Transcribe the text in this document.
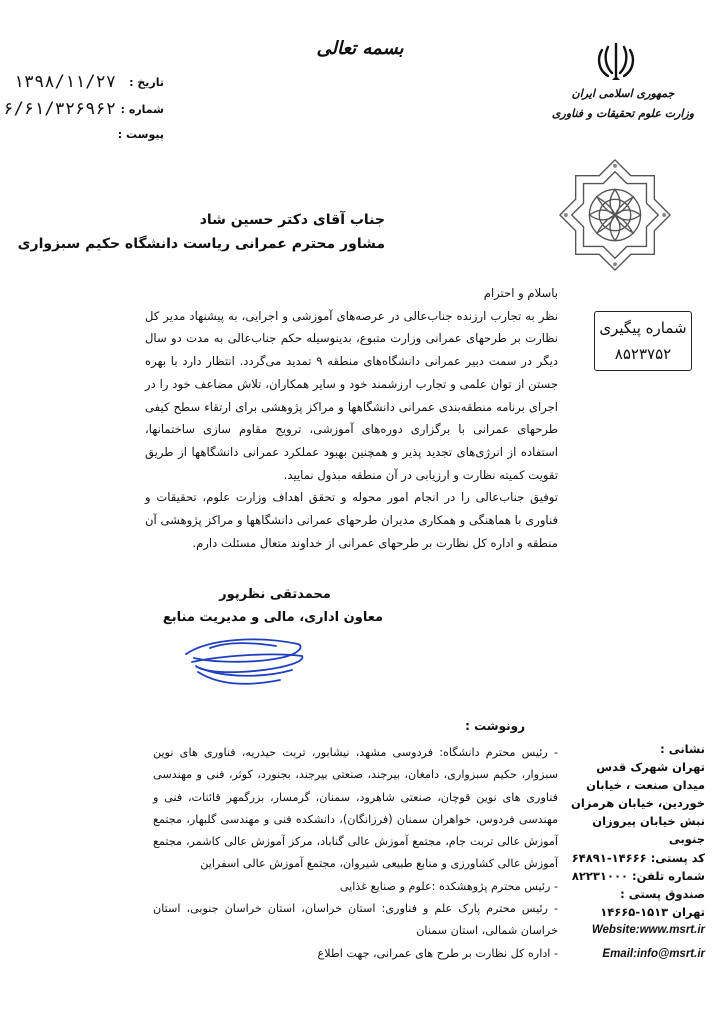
بسمه تعالی
تاریخ :
۱۳۹۸/۱۱/۲۷
شماره :
۶/۶۱/۳۲۶۹۶۲
پیوست :
جمهوری اسلامی ایران
وزارت علوم تحقیقات و فناوری
شماره پیگیری
۸۵۲۳۷۵۲
جناب آقای دکتر حسین شاد
مشاور محترم عمرانی ریاست دانشگاه حکیم سبزواری

باسلام و احترام

نظر به تجارب ارزنده جناب‌عالی در عرصه‌های آموزشی و اجرایی، به پیشنهاد مدیر کل نظارت بر طرحهای عمرانی وزارت متبوع، بدینوسیله حکم جناب‌عالی به مدت دو سال دیگر در سمت دبیر عمرانی دانشگاه‌های منطقه ۹ تمدید می‌گردد. انتظار دارد با بهره جستن از توان علمی و تجارب ارزشمند خود و سایر همکاران، تلاش مضاعف خود را در اجرای برنامه منطقه‌بندی عمرانی دانشگاهها و مراکز پژوهشی برای ارتقاء سطح کیفی طرحهای عمرانی با برگزاری دوره‌های آموزشی، ترویج مقاوم سازی ساختمانها، استفاده از انرژی‌های تجدید پذیر و همچنین بهبود عملکرد عمرانی دانشگاهها از طریق تقویت کمیته نظارت و ارزیابی در آن منطقه مبذول نمایید.

توفیق جناب‌عالی را در انجام امور محوله و تحقق اهداف وزارت علوم، تحقیقات و فناوری با هماهنگی و همکاری مدیران طرحهای عمرانی دانشگاهها و مراکز پژوهشی آن منطقه و اداره کل نظارت بر طرحهای عمرانی از خداوند متعال مسئلت دارم.

محمدتقی نظرپور
معاون اداری، مالی و مدیریت منابع
رونوشت :
- رئیس محترم دانشگاه: فردوسی مشهد، نیشابور، تربت حیدریه، فناوری های نوین سبزوار، حکیم سبزواری، دامغان، بیرجند، صنعتی بیرجند، بجنورد، کوثر، فنی و مهندسی فناوری های نوین قوچان، صنعتی شاهرود، سمنان، گرمسار، بزرگمهر قائنات، فنی و مهندسی فردوس، خواهران سمنان (فرزانگان)، دانشکده فنی و مهندسی گلبهار، مجتمع آموزش عالی تربت جام، مجتمع آموزش عالی گناباد، مرکز آموزش عالی کاشمر، مجتمع آموزش عالی کشاورزی و منابع طبیعی شیروان، مجتمع آموزش عالی اسفراین
- رئیس محترم پژوهشکده :علوم و صنایع غذایی
- رئیس محترم پارک علم و فناوری: استان خراسان، استان خراسان جنوبی، استان خراسان شمالی، استان سمنان
- اداره کل نظارت بر طرح های عمرانی، جهت اطلاع
نشانی :
تهران شهرک قدس
میدان صنعت ، خیابان
خوردین، خیابان هرمزان
نبش خیابان پیروزان جنوبی
کد پستی: ۱۴۶۶۶-۶۴۸۹۱
شماره تلفن: ۸۲۲۳۱۰۰۰
صندوق پستی :
تهران ۱۵۱۳-۱۴۶۶۵
Website:www.msrt.ir
Email:info@msrt.ir
